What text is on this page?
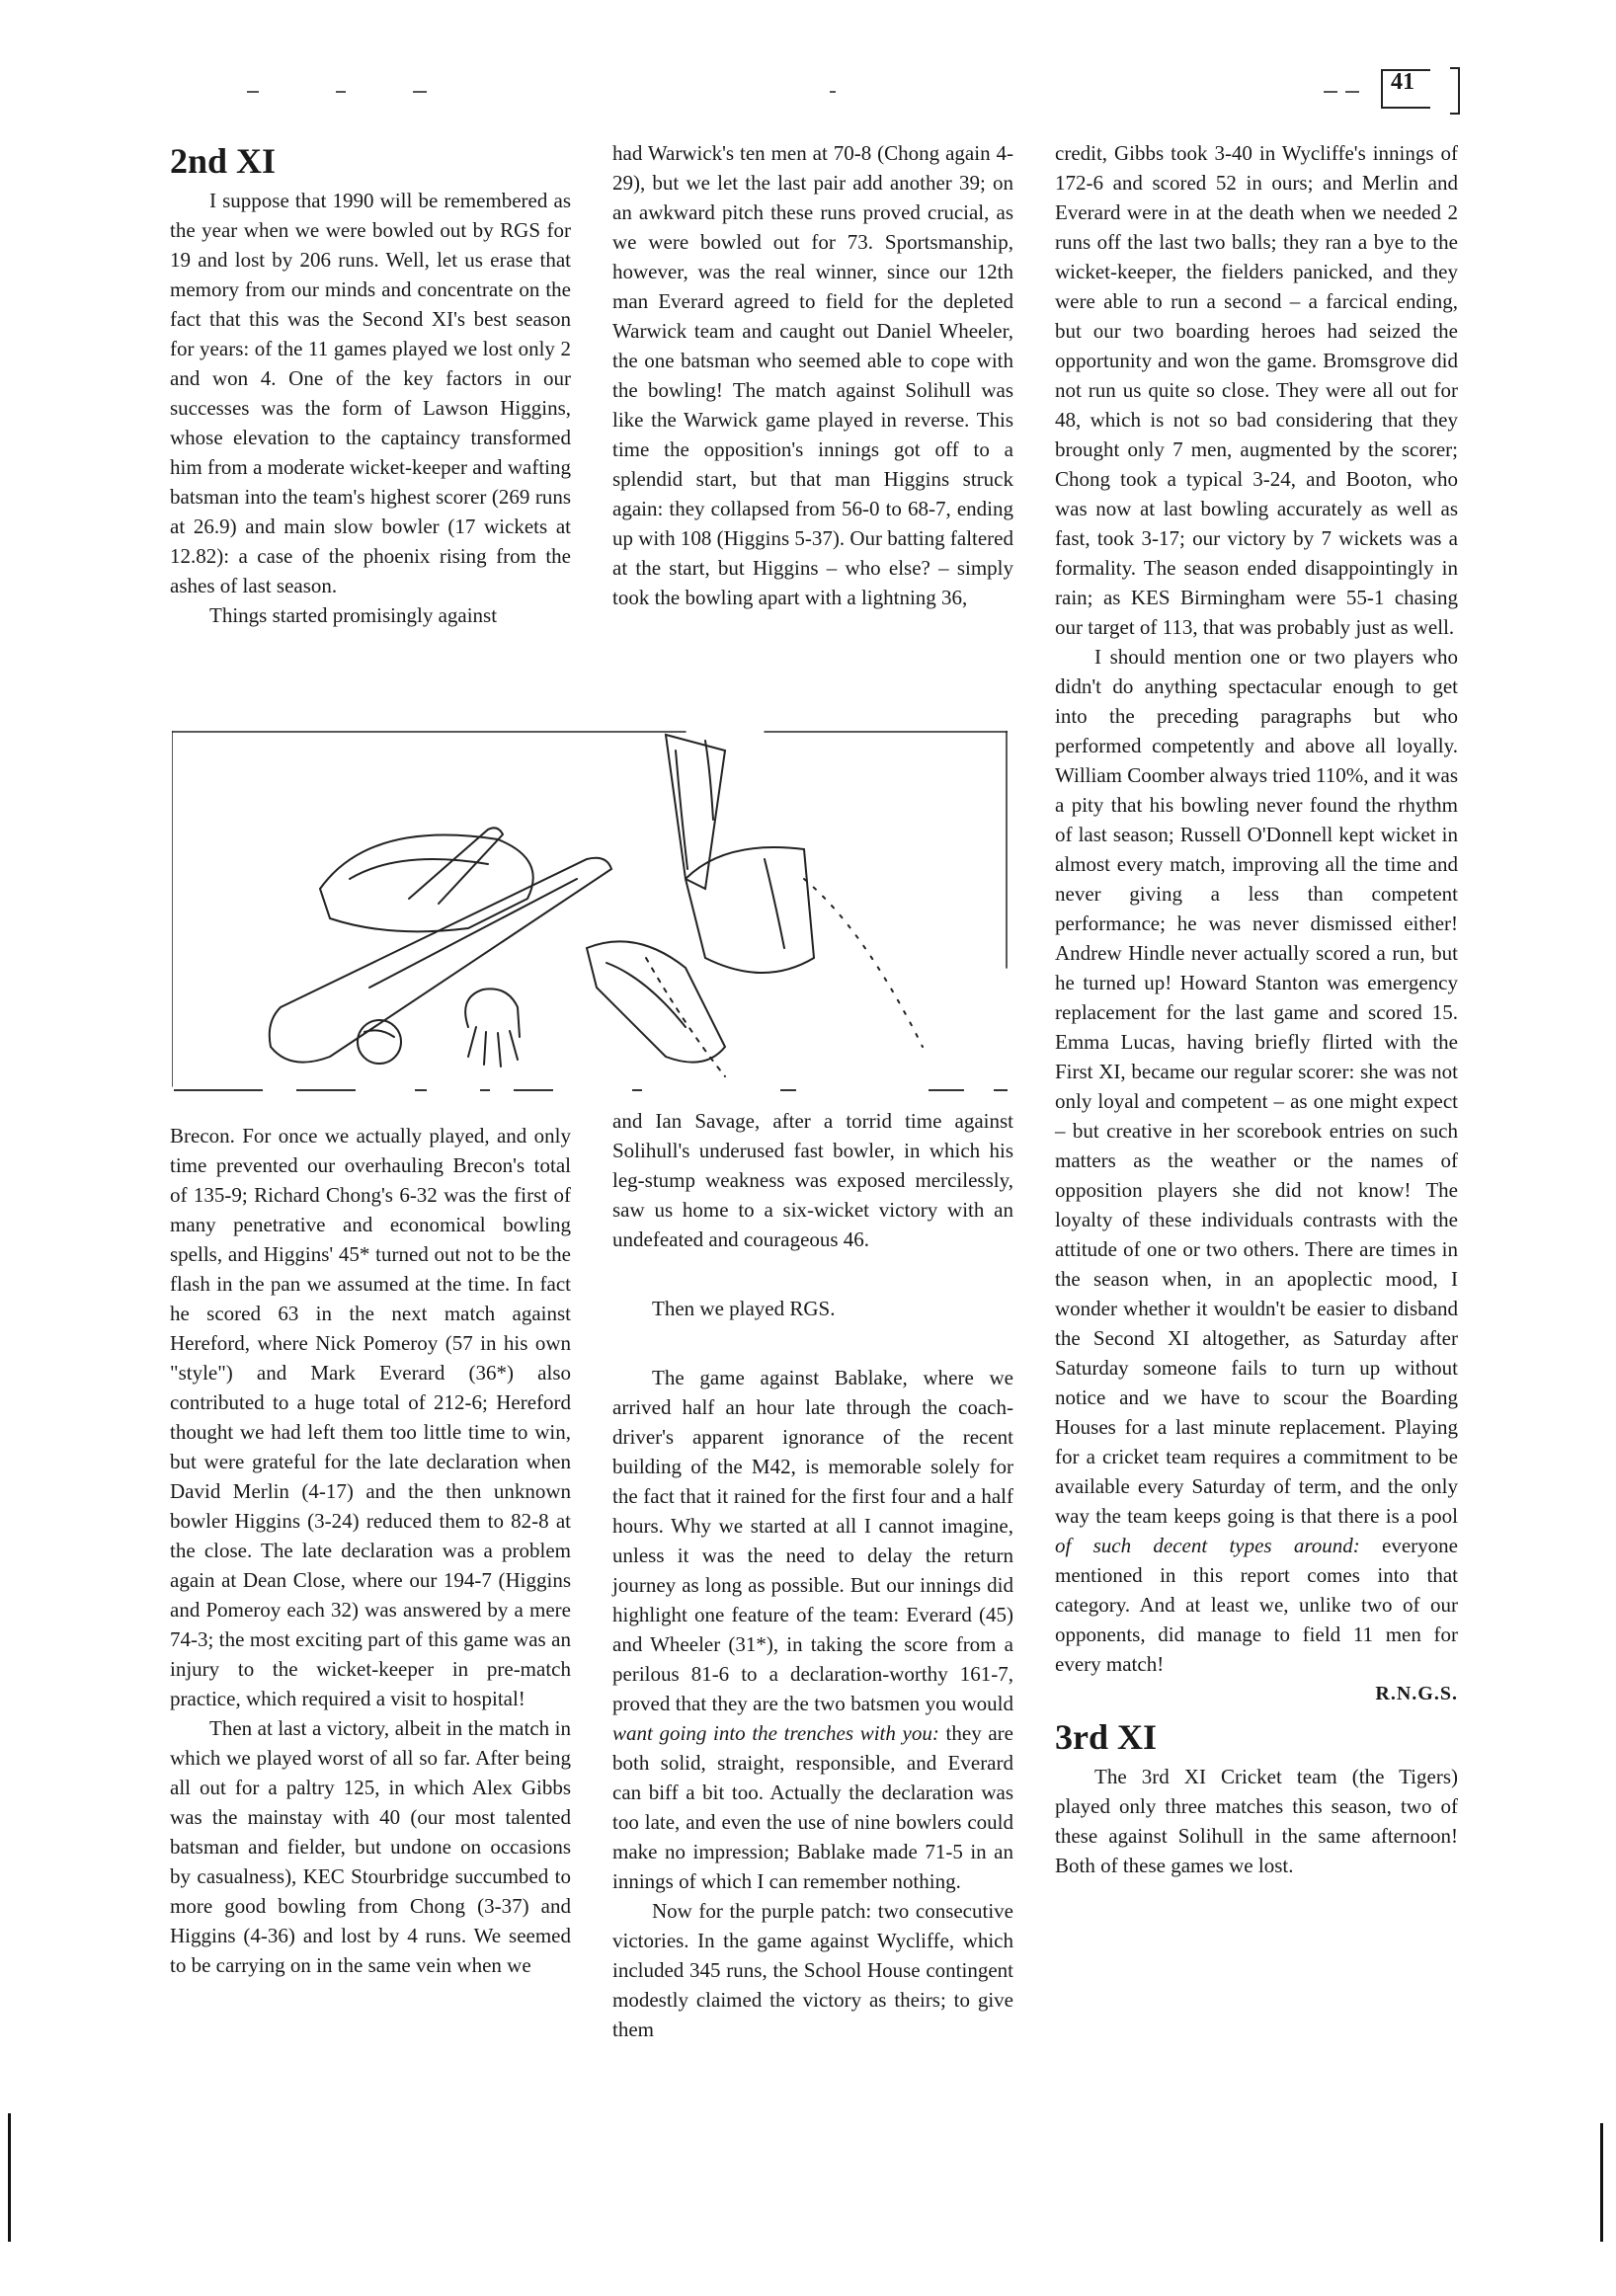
41
2nd XI

I suppose that 1990 will be remembered as the year when we were bowled out by RGS for 19 and lost by 206 runs. Well, let us erase that memory from our minds and concentrate on the fact that this was the Second XI's best season for years: of the 11 games played we lost only 2 and won 4. One of the key factors in our successes was the form of Lawson Higgins, whose elevation to the captaincy transformed him from a moderate wicket-keeper and wafting batsman into the team's highest scorer (269 runs at 26.9) and main slow bowler (17 wickets at 12.82): a case of the phoenix rising from the ashes of last season.

Things started promisingly against

had Warwick's ten men at 70-8 (Chong again 4-29), but we let the last pair add another 39; on an awkward pitch these runs proved crucial, as we were bowled out for 73. Sportsmanship, however, was the real winner, since our 12th man Everard agreed to field for the depleted Warwick team and caught out Daniel Wheeler, the one batsman who seemed able to cope with the bowling! The match against Solihull was like the Warwick game played in reverse. This time the opposition's innings got off to a splendid start, but that man Higgins struck again: they collapsed from 56-0 to 68-7, ending up with 108 (Higgins 5-37). Our batting faltered at the start, but Higgins – who else? – simply took the bowling apart with a lightning 36,

Brecon. For once we actually played, and only time prevented our overhauling Brecon's total of 135-9; Richard Chong's 6-32 was the first of many penetrative and economical bowling spells, and Higgins' 45* turned out not to be the flash in the pan we assumed at the time. In fact he scored 63 in the next match against Hereford, where Nick Pomeroy (57 in his own "style") and Mark Everard (36*) also contributed to a huge total of 212-6; Hereford thought we had left them too little time to win, but were grateful for the late declaration when David Merlin (4-17) and the then unknown bowler Higgins (3-24) reduced them to 82-8 at the close. The late declaration was a problem again at Dean Close, where our 194-7 (Higgins and Pomeroy each 32) was answered by a mere 74-3; the most exciting part of this game was an injury to the wicket-keeper in pre-match practice, which required a visit to hospital!

Then at last a victory, albeit in the match in which we played worst of all so far. After being all out for a paltry 125, in which Alex Gibbs was the mainstay with 40 (our most talented batsman and fielder, but undone on occasions by casualness), KEC Stourbridge succumbed to more good bowling from Chong (3-37) and Higgins (4-36) and lost by 4 runs. We seemed to be carrying on in the same vein when we

and Ian Savage, after a torrid time against Solihull's underused fast bowler, in which his leg-stump weakness was exposed mercilessly, saw us home to a six-wicket victory with an undefeated and courageous 46.

Then we played RGS.

The game against Bablake, where we arrived half an hour late through the coach-driver's apparent ignorance of the recent building of the M42, is memorable solely for the fact that it rained for the first four and a half hours. Why we started at all I cannot imagine, unless it was the need to delay the return journey as long as possible. But our innings did highlight one feature of the team: Everard (45) and Wheeler (31*), in taking the score from a perilous 81-6 to a declaration-worthy 161-7, proved that they are the two batsmen you would want going into the trenches with you: they are both solid, straight, responsible, and Everard can biff a bit too. Actually the declaration was too late, and even the use of nine bowlers could make no impression; Bablake made 71-5 in an innings of which I can remember nothing.

Now for the purple patch: two consecutive victories. In the game against Wycliffe, which included 345 runs, the School House contingent modestly claimed the victory as theirs; to give them

credit, Gibbs took 3-40 in Wycliffe's innings of 172-6 and scored 52 in ours; and Merlin and Everard were in at the death when we needed 2 runs off the last two balls; they ran a bye to the wicket-keeper, the fielders panicked, and they were able to run a second – a farcical ending, but our two boarding heroes had seized the opportunity and won the game. Bromsgrove did not run us quite so close. They were all out for 48, which is not so bad considering that they brought only 7 men, augmented by the scorer; Chong took a typical 3-24, and Booton, who was now at last bowling accurately as well as fast, took 3-17; our victory by 7 wickets was a formality. The season ended disappointingly in rain; as KES Birmingham were 55-1 chasing our target of 113, that was probably just as well.

I should mention one or two players who didn't do anything spectacular enough to get into the preceding paragraphs but who performed competently and above all loyally. William Coomber always tried 110%, and it was a pity that his bowling never found the rhythm of last season; Russell O'Donnell kept wicket in almost every match, improving all the time and never giving a less than competent performance; he was never dismissed either! Andrew Hindle never actually scored a run, but he turned up! Howard Stanton was emergency replacement for the last game and scored 15. Emma Lucas, having briefly flirted with the First XI, became our regular scorer: she was not only loyal and competent – as one might expect – but creative in her scorebook entries on such matters as the weather or the names of opposition players she did not know! The loyalty of these individuals contrasts with the attitude of one or two others. There are times in the season when, in an apoplectic mood, I wonder whether it wouldn't be easier to disband the Second XI altogether, as Saturday after Saturday someone fails to turn up without notice and we have to scour the Boarding Houses for a last minute replacement. Playing for a cricket team requires a commitment to be available every Saturday of term, and the only way the team keeps going is that there is a pool of such decent types around: everyone mentioned in this report comes into that category. And at least we, unlike two of our opponents, did manage to field 11 men for every match!

R.N.G.S.

3rd XI

The 3rd XI Cricket team (the Tigers) played only three matches this season, two of these against Solihull in the same afternoon! Both of these games we lost.
